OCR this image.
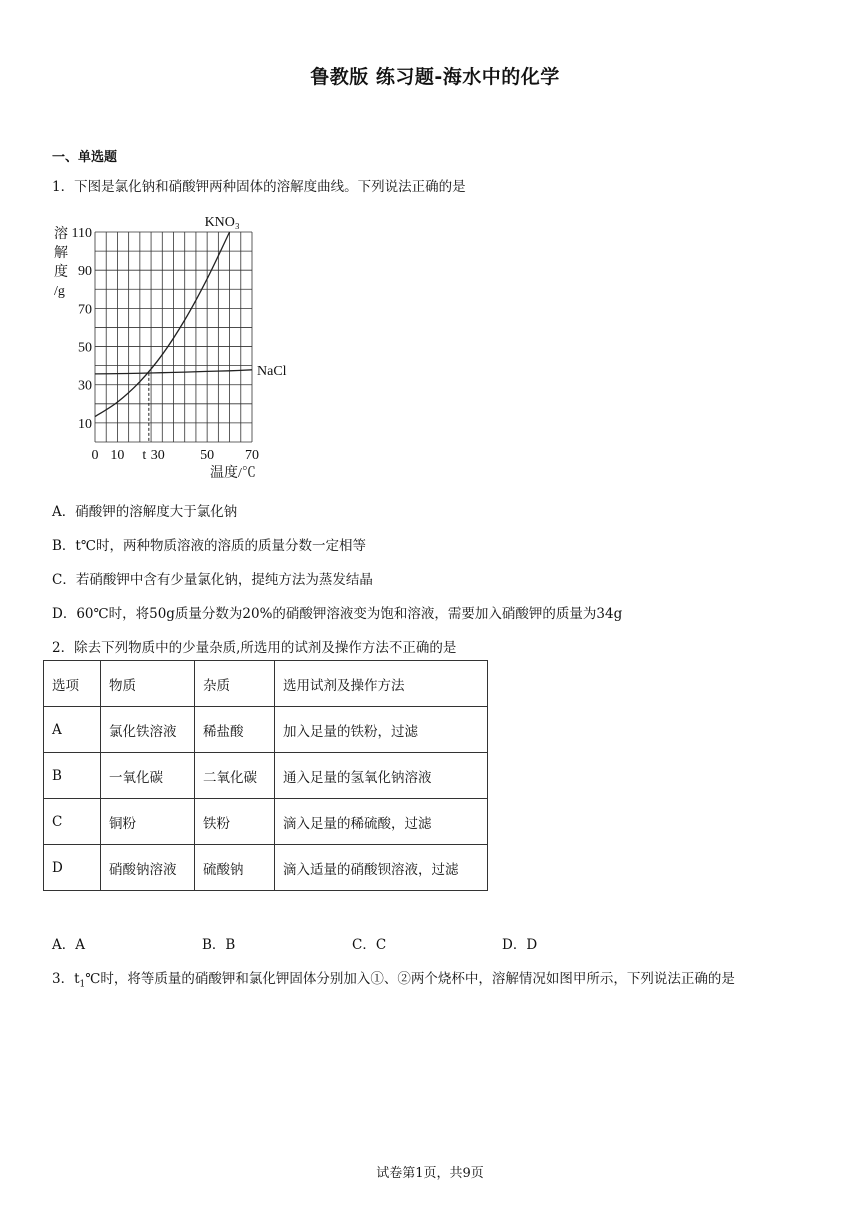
鲁教版 练习题-海水中的化学
一、单选题
1．下图是氯化钠和硝酸钾两种固体的溶解度曲线。下列说法正确的是
KNO₃
NaCl
10
30
50
70
90
110
0 10 t 30	50 70
溶
解
度
/g
温度/℃
A．硝酸钾的溶解度大于氯化钠
B．t℃时，两种物质溶液的溶质的质量分数一定相等
C．若硝酸钾中含有少量氯化钠，提纯方法为蒸发结晶
D．60℃时，将50g质量分数为20%的硝酸钾溶液变为饱和溶液，需要加入硝酸钾的质量为34g
2．除去下列物质中的少量杂质,所选用的试剂及操作方法不正确的是
选项	物质	杂质	选用试剂及操作方法
A	氯化铁溶液	稀盐酸	加入足量的铁粉，过滤
B	一氧化碳	二氧化碳	通入足量的氢氧化钠溶液
C	铜粉	铁粉	滴入足量的稀硫酸，过滤
D	硝酸钠溶液	硫酸钠	滴入适量的硝酸钡溶液，过滤
A．A	B．B	C．C	D．D
3．$t_1℃$时，将等质量的硝酸钾和氯化钾固体分别加入①、②两个烧杯中，溶解情况如图甲所示，下列说法正确的是
试卷第1页，共9页
